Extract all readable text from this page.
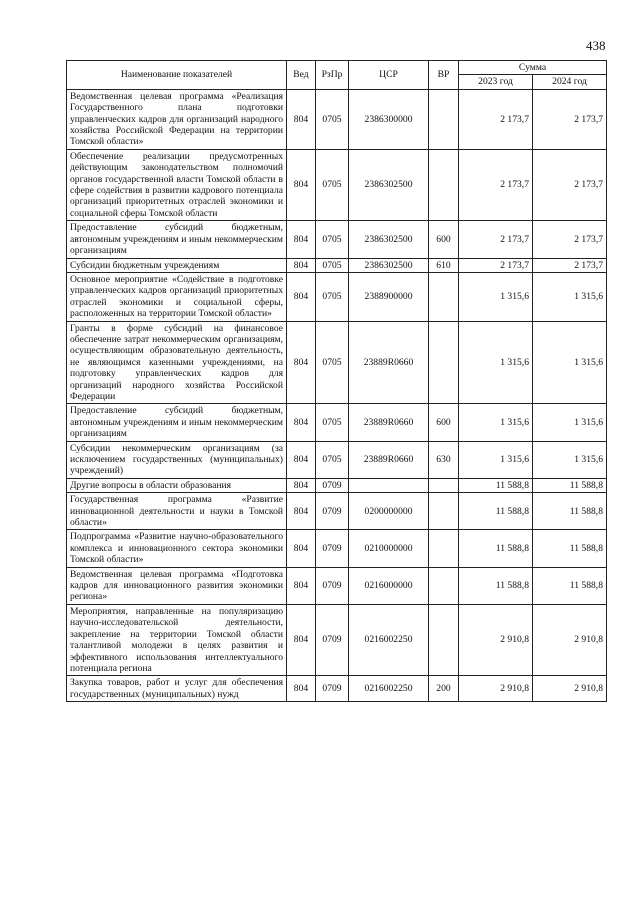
438
Наименование показателей	Вед	РзПр	ЦСР	ВР	Сумма	
					2023 год	2024 год
Ведомственная целевая программа «Реализация Государственного плана подготовки управленческих кадров для организаций народного хозяйства Российской Федерации на территории Томской области»	804	0705	2386300000		2 173,7	2 173,7
Обеспечение реализации предусмотренных действующим законодательством полномочий органов государственной власти Томской области в сфере содействия в развитии кадрового потенциала организаций приоритетных отраслей экономики и социальной сферы Томской области	804	0705	2386302500		2 173,7	2 173,7
Предоставление субсидий бюджетным, автономным учреждениям и иным некоммерческим организациям	804	0705	2386302500	600	2 173,7	2 173,7
Субсидии бюджетным учреждениям	804	0705	2386302500	610	2 173,7	2 173,7
Основное мероприятие «Содействие в подготовке управленческих кадров организаций приоритетных отраслей экономики и социальной сферы, расположенных на территории Томской области»	804	0705	2388900000		1 315,6	1 315,6
Гранты в форме субсидий на финансовое обеспечение затрат некоммерческим организациям, осуществляющим образовательную деятельность, не являющимся казенными учреждениями, на подготовку управленческих кадров для организаций народного хозяйства Российской Федерации	804	0705	23889R0660		1 315,6	1 315,6
Предоставление субсидий бюджетным, автономным учреждениям и иным некоммерческим организациям	804	0705	23889R0660	600	1 315,6	1 315,6
Субсидии некоммерческим организациям (за исключением государственных (муниципальных) учреждений)	804	0705	23889R0660	630	1 315,6	1 315,6
Другие вопросы в области образования	804	0709			11 588,8	11 588,8
Государственная программа «Развитие инновационной деятельности и науки в Томской области»	804	0709	0200000000		11 588,8	11 588,8
Подпрограмма «Развитие научно-образовательного комплекса и инновационного сектора экономики Томской области»	804	0709	0210000000		11 588,8	11 588,8
Ведомственная целевая программа «Подготовка кадров для инновационного развития экономики региона»	804	0709	0216000000		11 588,8	11 588,8
Мероприятия, направленные на популяризацию научно-исследовательской деятельности, закрепление на территории Томской области талантливой молодежи в целях развития и эффективного использования интеллектуального потенциала региона	804	0709	0216002250		2 910,8	2 910,8
Закупка товаров, работ и услуг для обеспечения государственных (муниципальных) нужд	804	0709	0216002250	200	2 910,8	2 910,8
